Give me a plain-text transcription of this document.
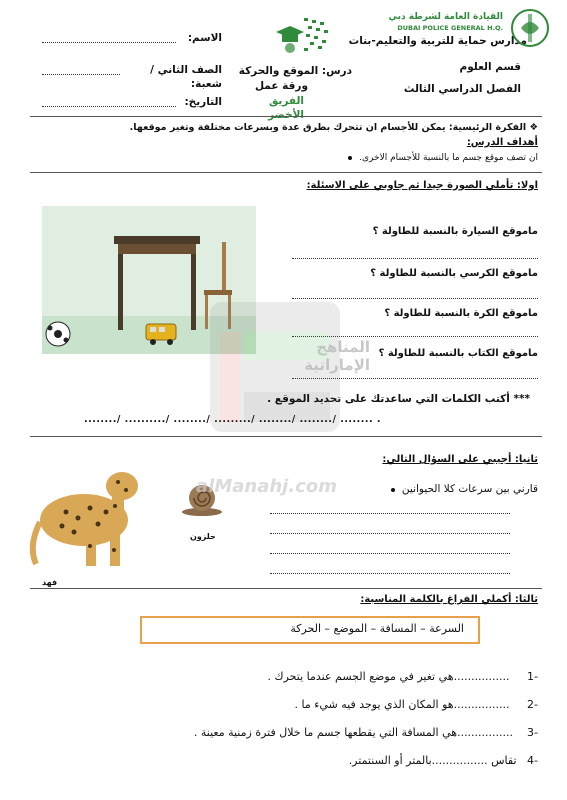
مدارس حماية للتربية والتعليم-بنات
قسم العلوم
الفصل الدراسي الثالث
القيادة العامة لشرطة دبي
DUBAI POLICE GENERAL H.Q.
درس: الموقع والحركة
ورقة عمل
الفريق الأخضر
الاسم:
الصف الثاني / شعبة:
التاريخ:
❖ الفكرة الرئيسية: يمكن للأجسام ان تتحرك بطرق عدة وبسرعات مختلفة وتغير موقعها.
أهداف الدرس:
ان تصف موقع جسم ما بالنسبة للأجسام الاخرى.
اولا: تأملي الصورة جيدا ثم جاوبي على الاسئلة:
ماموقع السيارة بالنسبة للطاولة ؟
ماموقع الكرسي بالنسبة للطاولة ؟
ماموقع الكرة بالنسبة للطاولة ؟
ماموقع الكتاب بالنسبة للطاولة ؟
*** أكتب الكلمات التي ساعدتك على تحديد الموقع .
......../ ........../ ......../ ........./ ......../ ......../ ........ .
ثانيا: أجيبي على السؤال التالي:
فهد
حلزون
قارني بين سرعات كلا الحيوانين
ثالثا: أكملي الفراغ بالكلمة المناسبة:
السرعة – المسافة – الموضع – الحركة
-1     ................هي تغير في موضع الجسم عندما يتحرك .
-2     ................هو المكان الذي يوجد فيه شيء ما .
-3    ................هي المسافة التي يقطعها جسم ما خلال فترة زمنية معينة .
-4   تقاس ................بالمتر أو السنتمتر.
المناهج
الإماراتية
alManahj.com
